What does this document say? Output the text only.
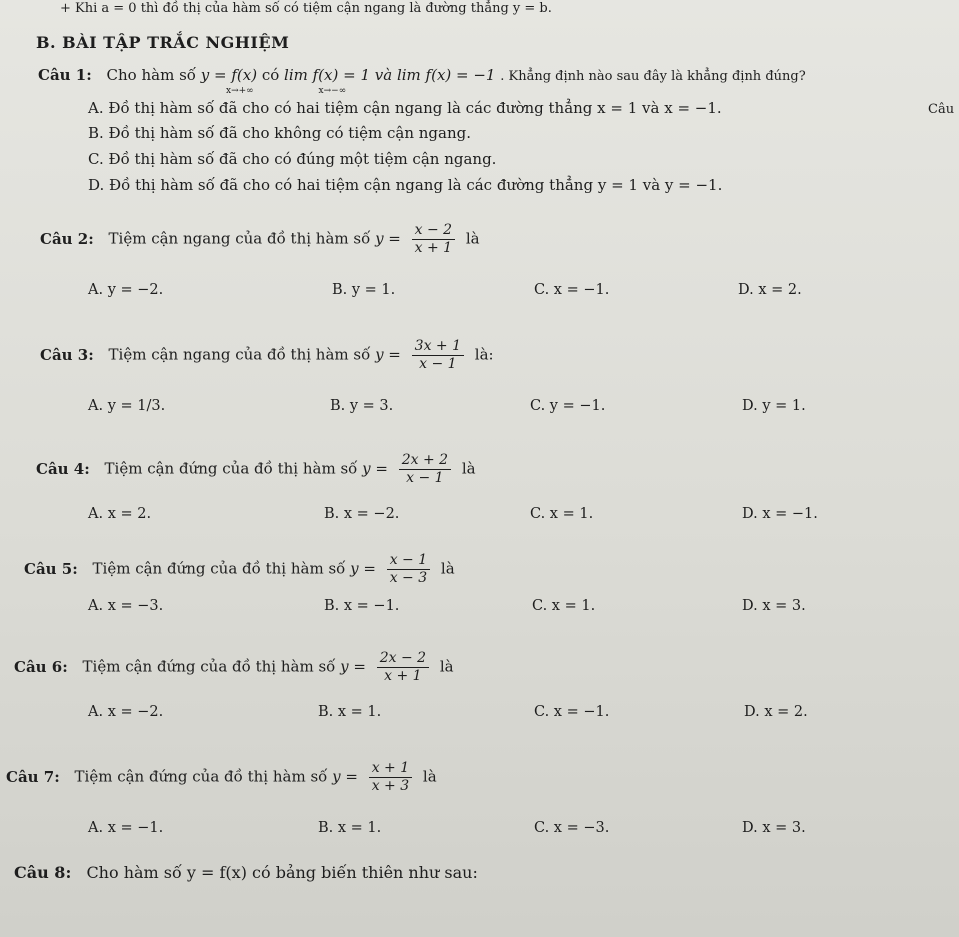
+ Khi a = 0 thì đồ thị của hàm số có tiệm cận ngang là đường thẳng y = b.
B. BÀI TẬP TRẮC NGHIỆM
Câu
Câu 1: Cho hàm số y = f(x) có lim f(x) = 1 và lim f(x) = −1 . Khẳng định nào sau đây là khẳng định đúng?
x→+∞	x→−∞
A. Đồ thị hàm số đã cho có hai tiệm cận ngang là các đường thẳng x = 1 và x = −1.
B. Đồ thị hàm số đã cho không có tiệm cận ngang.
C. Đồ thị hàm số đã cho có đúng một tiệm cận ngang.
D. Đồ thị hàm số đã cho có hai tiệm cận ngang là các đường thẳng y = 1 và y = −1.
Câu 2: Tiệm cận ngang của đồ thị hàm số $y = \frac{x - 2}{x + 1}$ là
A. y = −2.	B. y = 1.	C. x = −1.	D. x = 2.
Câu 3: Tiệm cận ngang của đồ thị hàm số $y = \frac{3x + 1}{x - 1}$ là:
A. y = 1/3.	B. y = 3.	C. y = −1.	D. y = 1.
Câu 4: Tiệm cận đứng của đồ thị hàm số $y = \frac{2x + 2}{x - 1}$ là
A. x = 2.	B. x = −2.	C. x = 1.	D. x = −1.
Câu 5: Tiệm cận đứng của đồ thị hàm số $y = \frac{x - 1}{x - 3}$ là
A. x = −3.	B. x = −1.	C. x = 1.	D. x = 3.
Câu 6: Tiệm cận đứng của đồ thị hàm số $y = \frac{2x - 2}{x + 1}$ là
A. x = −2.	B. x = 1.	C. x = −1.	D. x = 2.
Câu 7: Tiệm cận đứng của đồ thị hàm số $y = \frac{x + 1}{x + 3}$ là
A. x = −1.	B. x = 1.	C. x = −3.	D. x = 3.
Câu 8: Cho hàm số y = f(x) có bảng biến thiên như sau:
